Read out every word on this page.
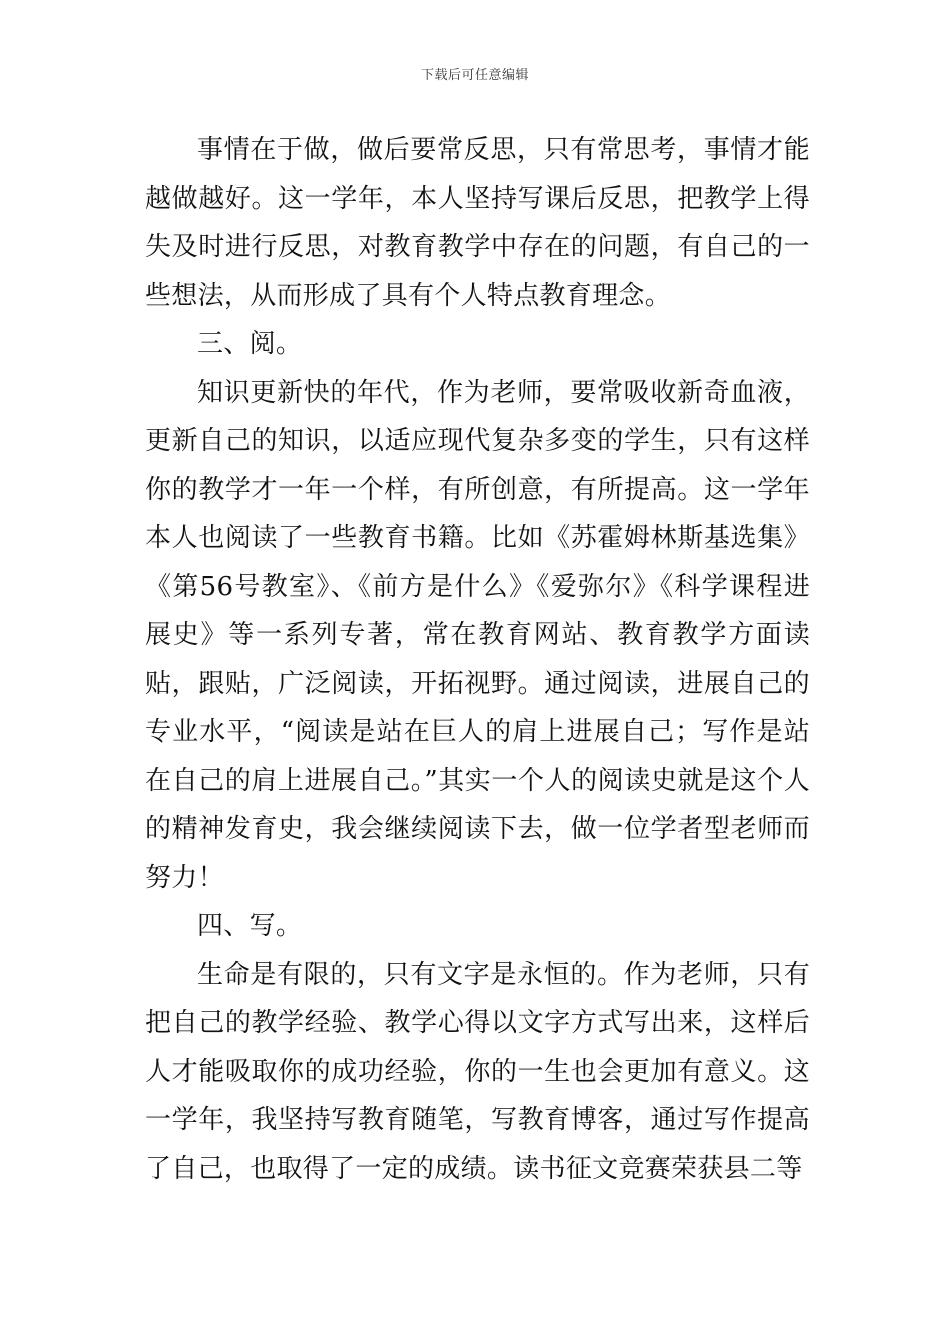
下载后可任意编辑

事情在于做，做后要常反思，只有常思考，事情才能越做越好。这一学年，本人坚持写课后反思，把教学上得失及时进行反思，对教育教学中存在的问题，有自己的一些想法，从而形成了具有个人特点教育理念。

三、阅。

知识更新快的年代，作为老师，要常吸收新奇血液，更新自己的知识，以适应现代复杂多变的学生，只有这样你的教学才一年一个样，有所创意，有所提高。这一学年本人也阅读了一些教育书籍。比如《苏霍姆林斯基选集》《第56号教室》、《前方是什么》《爱弥尔》《科学课程进展史》等一系列专著，常在教育网站、教育教学方面读贴，跟贴，广泛阅读，开拓视野。通过阅读，进展自己的专业水平，“阅读是站在巨人的肩上进展自己；写作是站在自己的肩上进展自己。”其实一个人的阅读史就是这个人的精神发育史，我会继续阅读下去，做一位学者型老师而努力！

四、写。

生命是有限的，只有文字是永恒的。作为老师，只有把自己的教学经验、教学心得以文字方式写出来，这样后人才能吸取你的成功经验，你的一生也会更加有意义。这一学年，我坚持写教育随笔，写教育博客，通过写作提高了自己，也取得了一定的成绩。读书征文竞赛荣获县二等
